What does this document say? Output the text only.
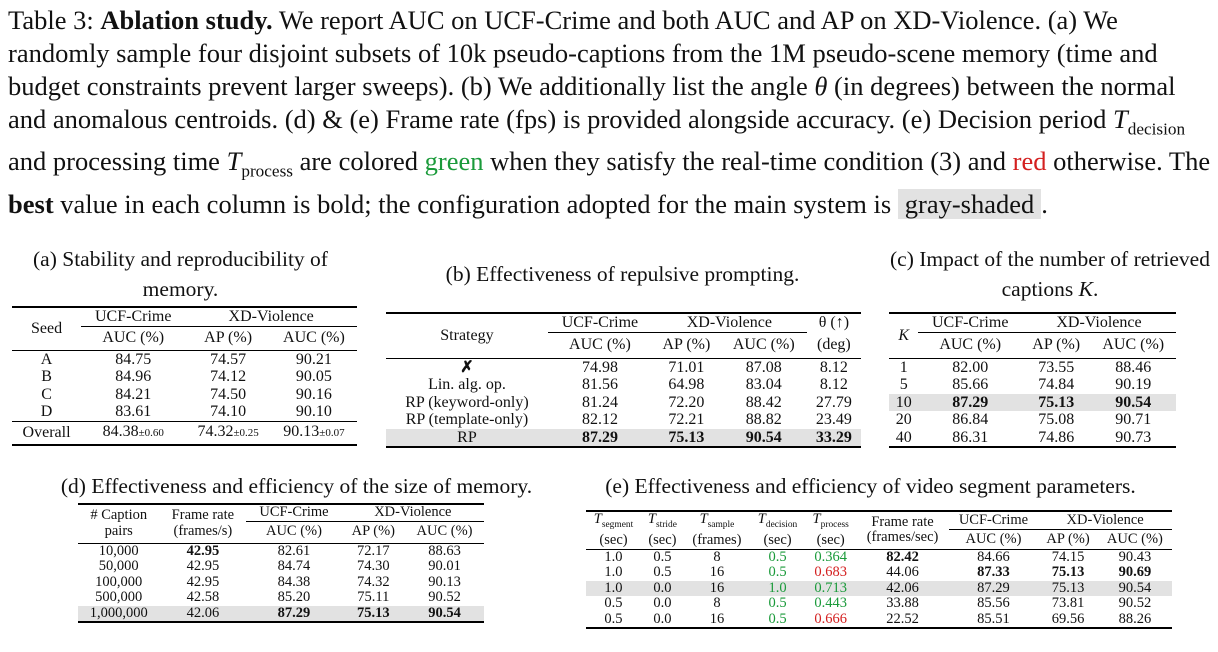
Table 3: Ablation study. We report AUC on UCF-Crime and both AUC and AP on XD-Violence. (a) We randomly sample four disjoint subsets of 10k pseudo-captions from the 1M pseudo-scene memory (time and budget constraints prevent larger sweeps). (b) We additionally list the angle θ (in degrees) between the normal and anomalous centroids. (d) & (e) Frame rate (fps) is provided alongside accuracy. (e) Decision period $T_{decision}$ and processing time $T_{process}$ are colored green when they satisfy the real-time condition (3) and red otherwise. The best value in each column is bold; the configuration adopted for the main system is gray-shaded .
(a) Stability and reproducibility of memory.
Seed	UCF-Crime	XD-Violence	
	AUC (%)	AP (%)	AUC (%)
A	84.75	74.57	90.21
B	84.96	74.12	90.05
C	84.21	74.50	90.16
D	83.61	74.10	90.10
Overall	84.38±0.60	74.32±0.25	90.13±0.07
(b) Effectiveness of repulsive prompting.
Strategy	UCF-Crime	XD-Violence		θ (↑)
	AUC (%)	AP (%)	AUC (%)	(deg)
✗	74.98	71.01	87.08	8.12
Lin. alg. op.	81.56	64.98	83.04	8.12
RP (keyword-only)	81.24	72.20	88.42	27.79
RP (template-only)	82.12	72.21	88.82	23.49
RP	87.29	75.13	90.54	33.29
(c) Impact of the number of retrieved captions K.
K	UCF-Crime	XD-Violence	
	AUC (%)	AP (%)	AUC (%)
1	82.00	73.55	88.46
5	85.66	74.84	90.19
10	87.29	75.13	90.54
20	86.84	75.08	90.71
40	86.31	74.86	90.73
(d) Effectiveness and efficiency of the size of memory.
# Caption
pairs	Frame rate
(frames/s)	UCF-Crime	XD-Violence	
		AUC (%)	AP (%)	AUC (%)
10,000	42.95	82.61	72.17	88.63
50,000	42.95	84.74	74.30	90.01
100,000	42.95	84.38	74.32	90.13
500,000	42.58	85.20	75.11	90.52
1,000,000	42.06	87.29	75.13	90.54
(e) Effectiveness and efficiency of video segment parameters.
$T_{segment}$
(sec)	$T_{stride}$
(sec)	$T_{sample}$
(frames)	$T_{decision}$
(sec)	$T_{process}$
(sec)	Frame rate
(frames/sec)	UCF-Crime	XD-Violence	
						AUC (%)	AP (%)	AUC (%)
1.0	0.5	8	0.5	0.364	82.42	84.66	74.15	90.43
1.0	0.5	16	0.5	0.683	44.06	87.33	75.13	90.69
1.0	0.0	16	1.0	0.713	42.06	87.29	75.13	90.54
0.5	0.0	8	0.5	0.443	33.88	85.56	73.81	90.52
0.5	0.0	16	0.5	0.666	22.52	85.51	69.56	88.26
